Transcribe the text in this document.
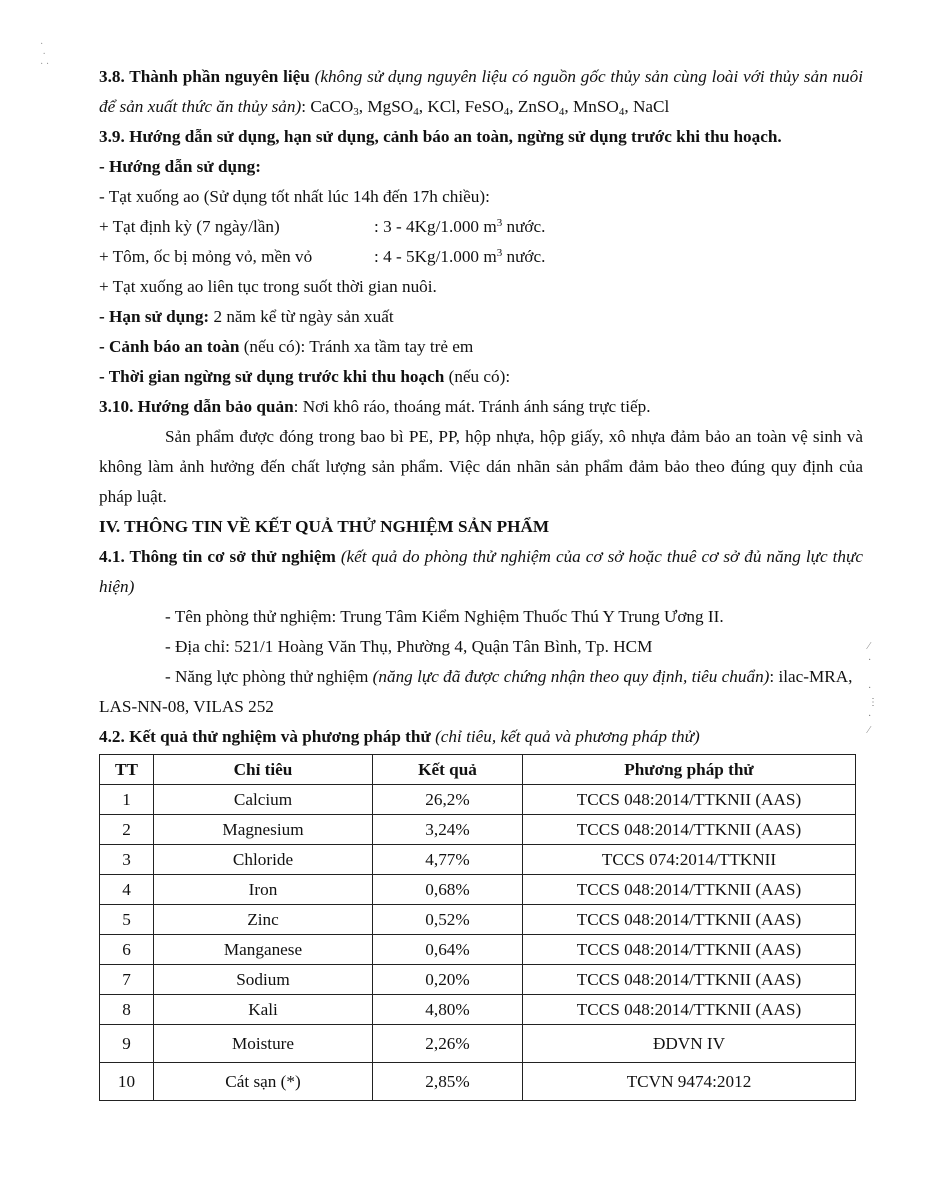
·
·
· ·

3.8. Thành phần nguyên liệu (không sử dụng nguyên liệu có nguồn gốc thủy sản cùng loài với thủy sản nuôi để sản xuất thức ăn thủy sản): CaCO$_3$, MgSO$_4$, KCl, FeSO$_4$, ZnSO$_4$, MnSO$_4$, NaCl

3.9. Hướng dẫn sử dụng, hạn sử dụng, cảnh báo an toàn, ngừng sử dụng trước khi thu hoạch.

- Hướng dẫn sử dụng:

- Tạt xuống ao (Sử dụng tốt nhất lúc 14h đến 17h chiều):

+ Tạt định kỳ (7 ngày/lần)	: 3 - 4Kg/1.000 $m^3$ nước.

+ Tôm, ốc bị mỏng vỏ, mền vỏ	: 4 - 5Kg/1.000 $m^3$ nước.

+ Tạt xuống ao liên tục trong suốt thời gian nuôi.

- Hạn sử dụng: 2 năm kể từ ngày sản xuất

- Cảnh báo an toàn (nếu có): Tránh xa tầm tay trẻ em

- Thời gian ngừng sử dụng trước khi thu hoạch (nếu có):

3.10. Hướng dẫn bảo quản: Nơi khô ráo, thoáng mát. Tránh ánh sáng trực tiếp.

Sản phẩm được đóng trong bao bì PE, PP, hộp nhựa, hộp giấy, xô nhựa đảm bảo an toàn vệ sinh và không làm ảnh hưởng đến chất lượng sản phẩm. Việc dán nhãn sản phẩm đảm bảo theo đúng quy định của pháp luật.

IV. THÔNG TIN VỀ KẾT QUẢ THỬ NGHIỆM SẢN PHẨM

4.1. Thông tin cơ sở thử nghiệm (kết quả do phòng thử nghiệm của cơ sở hoặc thuê cơ sở đủ năng lực thực hiện)

- Tên phòng thử nghiệm: Trung Tâm Kiểm Nghiệm Thuốc Thú Y Trung Ương II.

- Địa chỉ: 521/1 Hoàng Văn Thụ, Phường 4, Quận Tân Bình, Tp. HCM

- Năng lực phòng thử nghiệm (năng lực đã được chứng nhận theo quy định, tiêu chuẩn): ilac-MRA, LAS-NN-08, VILAS 252

4.2. Kết quả thử nghiệm và phương pháp thử (chỉ tiêu, kết quả và phương pháp thử)

TT	Chỉ tiêu	Kết quả	Phương pháp thử
1	Calcium	26,2%	TCCS 048:2014/TTKNII (AAS)
2	Magnesium	3,24%	TCCS 048:2014/TTKNII (AAS)
3	Chloride	4,77%	TCCS 074:2014/TTKNII
4	Iron	0,68%	TCCS 048:2014/TTKNII (AAS)
5	Zinc	0,52%	TCCS 048:2014/TTKNII (AAS)
6	Manganese	0,64%	TCCS 048:2014/TTKNII (AAS)
7	Sodium	0,20%	TCCS 048:2014/TTKNII (AAS)
8	Kali	4,80%	TCCS 048:2014/TTKNII (AAS)
9	Moisture	2,26%	ĐDVN IV
10	Cát sạn (*)	2,85%	TCVN 9474:2012
⁄
·

·
⋮
·
⁄
